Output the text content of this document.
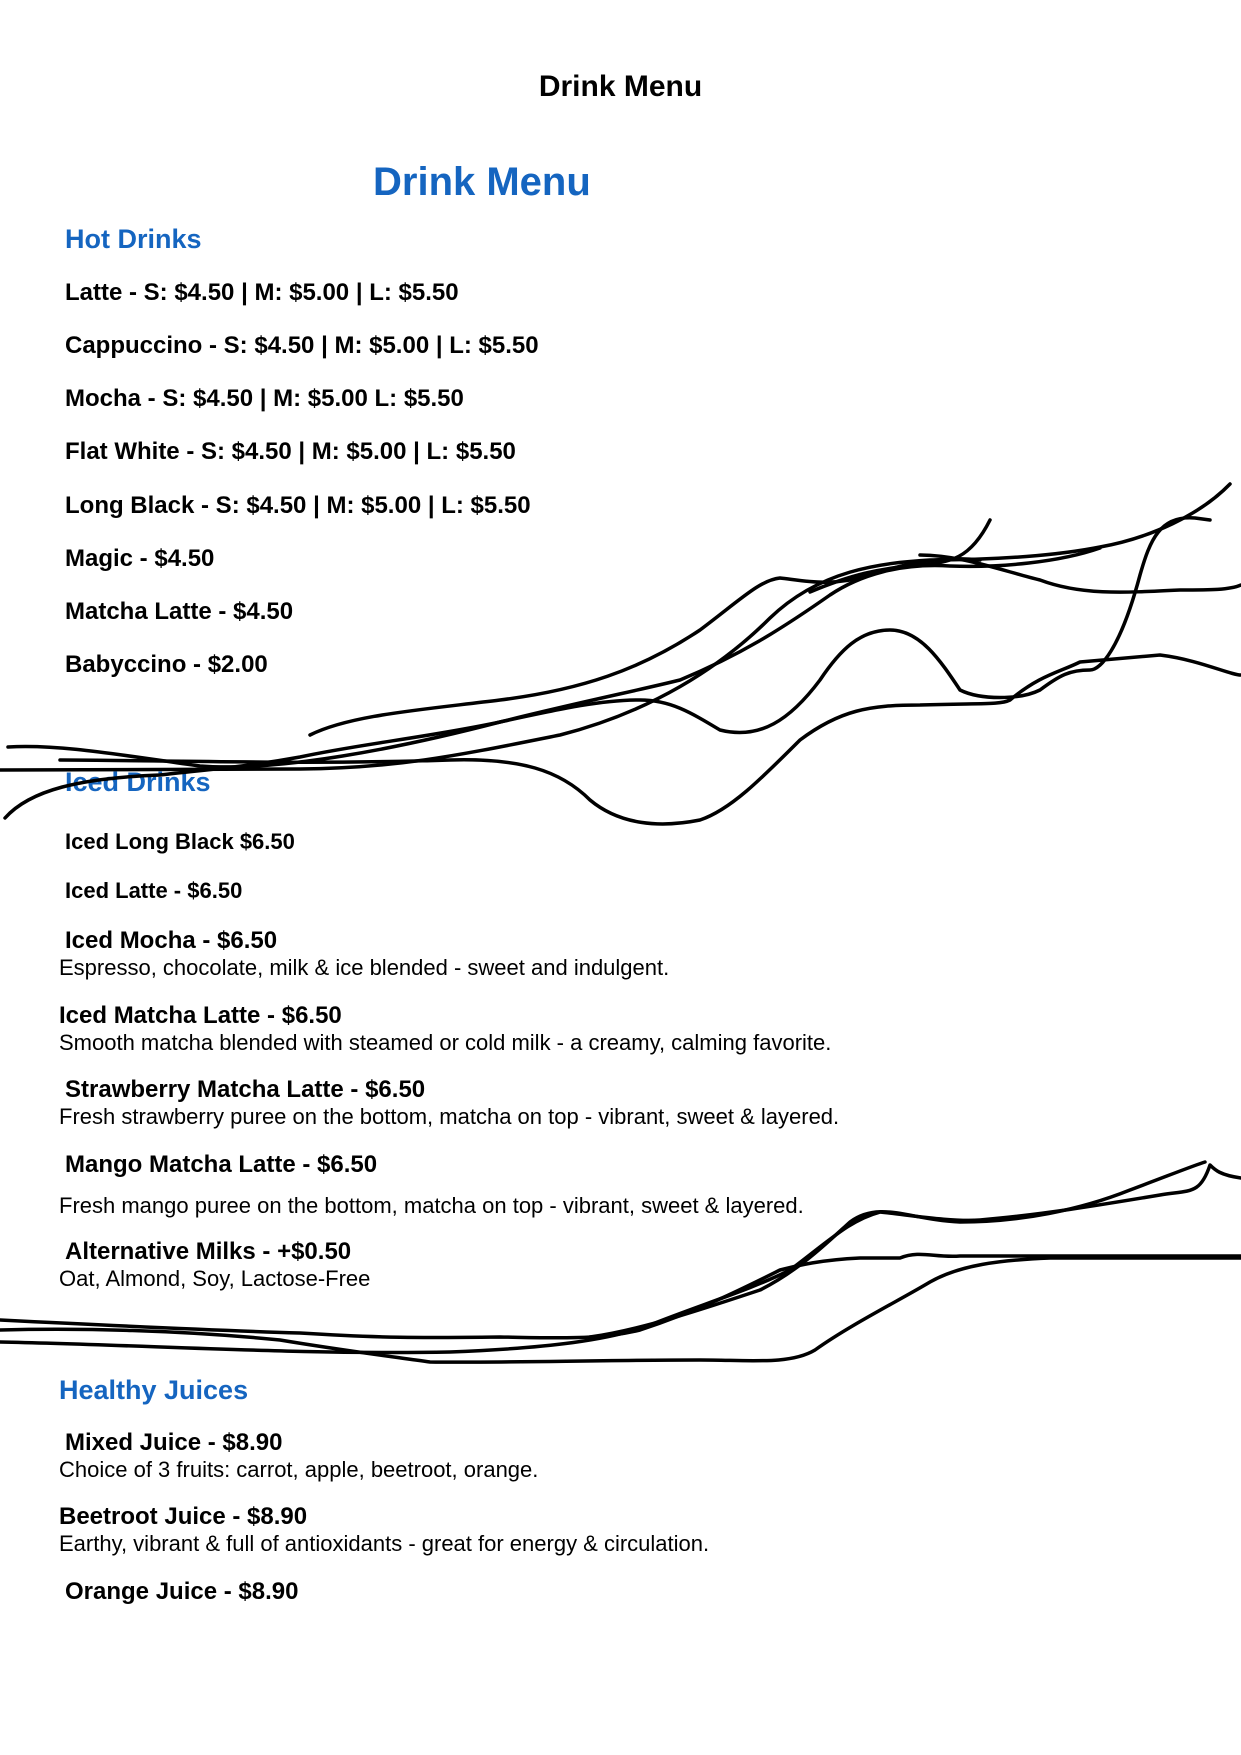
Drink Menu
Drink Menu
Hot Drinks
Latte - S: $4.50 | M: $5.00 | L: $5.50
Cappuccino - S: $4.50 | M: $5.00 | L: $5.50
Mocha - S: $4.50 | M: $5.00 L: $5.50
Flat White - S: $4.50 | M: $5.00 | L: $5.50
Long Black - S: $4.50 | M: $5.00 | L: $5.50
Magic - $4.50
Matcha Latte - $4.50
Babyccino - $2.00
Iced Drinks
Iced Long Black $6.50
Iced Latte - $6.50
Iced Mocha - $6.50
Espresso, chocolate, milk & ice blended - sweet and indulgent.
Iced Matcha Latte - $6.50
Smooth matcha blended with steamed or cold milk - a creamy, calming favorite.
Strawberry Matcha Latte - $6.50
Fresh strawberry puree on the bottom, matcha on top - vibrant, sweet & layered.
Mango Matcha Latte - $6.50
Fresh mango puree on the bottom, matcha on top - vibrant, sweet & layered.
Alternative Milks - +$0.50
Oat, Almond, Soy, Lactose-Free
Healthy Juices
Mixed Juice - $8.90
Choice of 3 fruits: carrot, apple, beetroot, orange.
Beetroot Juice - $8.90
Earthy, vibrant & full of antioxidants - great for energy & circulation.
Orange Juice - $8.90
